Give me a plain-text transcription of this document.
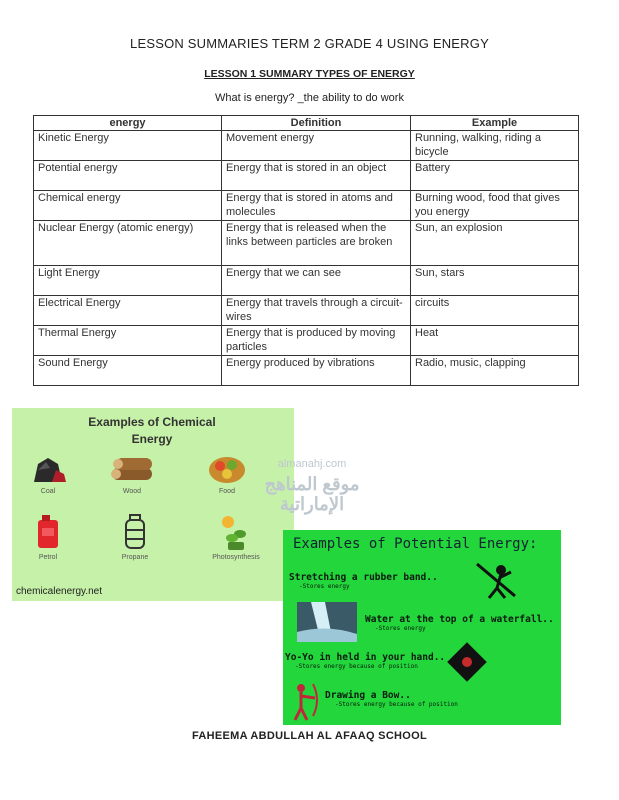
LESSON SUMMARIES TERM 2 GRADE 4 USING ENERGY
LESSON 1 SUMMARY TYPES OF ENERGY
What is energy? _the ability to do work
energy	Definition	Example
Kinetic Energy	Movement energy	Running, walking, riding a bicycle
Potential energy	Energy that is stored in an object	Battery
Chemical energy	Energy that is stored in atoms and molecules	Burning wood, food that gives you energy
Nuclear Energy (atomic energy)	Energy that is released when the links between particles are broken	Sun, an explosion
Light Energy	Energy that we can see	Sun, stars
Electrical Energy	Energy that travels through a circuit- wires	circuits
Thermal Energy	Energy that is produced by moving particles	Heat
Sound Energy	Energy produced by vibrations	Radio, music, clapping
Examples of Chemical Energy
Coal	Wood	Food
Petrol	Propane	Photosynthesis
chemicalenergy.net
almanahj.com
موقع المناهج الإماراتية
Examples of Potential Energy:
Stretching a rubber band..
-Stores energy
Water at the top of a waterfall..
-Stores energy
Yo-Yo in held in your hand..
-Stores energy because of position
Drawing a Bow..
-Stores energy because of position
FAHEEMA ABDULLAH AL AFAAQ SCHOOL
